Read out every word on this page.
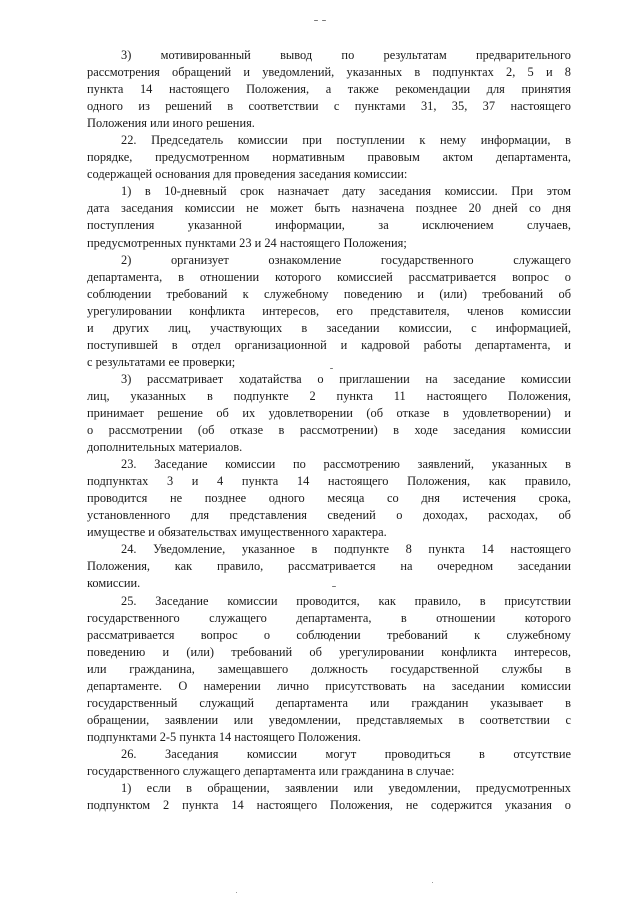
3) мотивированный вывод по результатам предварительного
рассмотрения обращений и уведомлений, указанных в подпунктах 2, 5 и 8
пункта 14 настоящего Положения, а также рекомендации для принятия
одного из решений в соответствии с пунктами 31, 35, 37 настоящего
Положения или иного решения.
22. Председатель комиссии при поступлении к нему информации, в
порядке, предусмотренном нормативным правовым актом департамента,
содержащей основания для проведения заседания комиссии:
1) в 10-дневный срок назначает дату заседания комиссии. При этом
дата заседания комиссии не может быть назначена позднее 20 дней со дня
поступления указанной информации, за исключением случаев,
предусмотренных пунктами 23 и 24 настоящего Положения;
2) организует ознакомление государственного служащего
департамента, в отношении которого комиссией рассматривается вопрос о
соблюдении требований к служебному поведению и (или) требований об
урегулировании конфликта интересов, его представителя, членов комиссии
и других лиц, участвующих в заседании комиссии, с информацией,
поступившей в отдел организационной и кадровой работы департамента, и
с результатами ее проверки;
3) рассматривает ходатайства о приглашении на заседание комиссии
лиц, указанных в подпункте 2 пункта 11 настоящего Положения,
принимает решение об их удовлетворении (об отказе в удовлетворении) и
о рассмотрении (об отказе в рассмотрении) в ходе заседания комиссии
дополнительных материалов.
23. Заседание комиссии по рассмотрению заявлений, указанных в
подпунктах 3 и 4 пункта 14 настоящего Положения, как правило,
проводится не позднее одного месяца со дня истечения срока,
установленного для представления сведений о доходах, расходах, об
имуществе и обязательствах имущественного характера.
24. Уведомление, указанное в подпункте 8 пункта 14 настоящего
Положения, как правило, рассматривается на очередном заседании
комиссии.
25. Заседание комиссии проводится, как правило, в присутствии
государственного служащего департамента, в отношении которого
рассматривается вопрос о соблюдении требований к служебному
поведению и (или) требований об урегулировании конфликта интересов,
или гражданина, замещавшего должность государственной службы в
департаменте. О намерении лично присутствовать на заседании комиссии
государственный служащий департамента или гражданин указывает в
обращении, заявлении или уведомлении, представляемых в соответствии с
подпунктами 2-5 пункта 14 настоящего Положения.
26. Заседания комиссии могут проводиться в отсутствие
государственного служащего департамента или гражданина в случае:
1) если в обращении, заявлении или уведомлении, предусмотренных
подпунктом 2 пункта 14 настоящего Положения, не содержится указания о
